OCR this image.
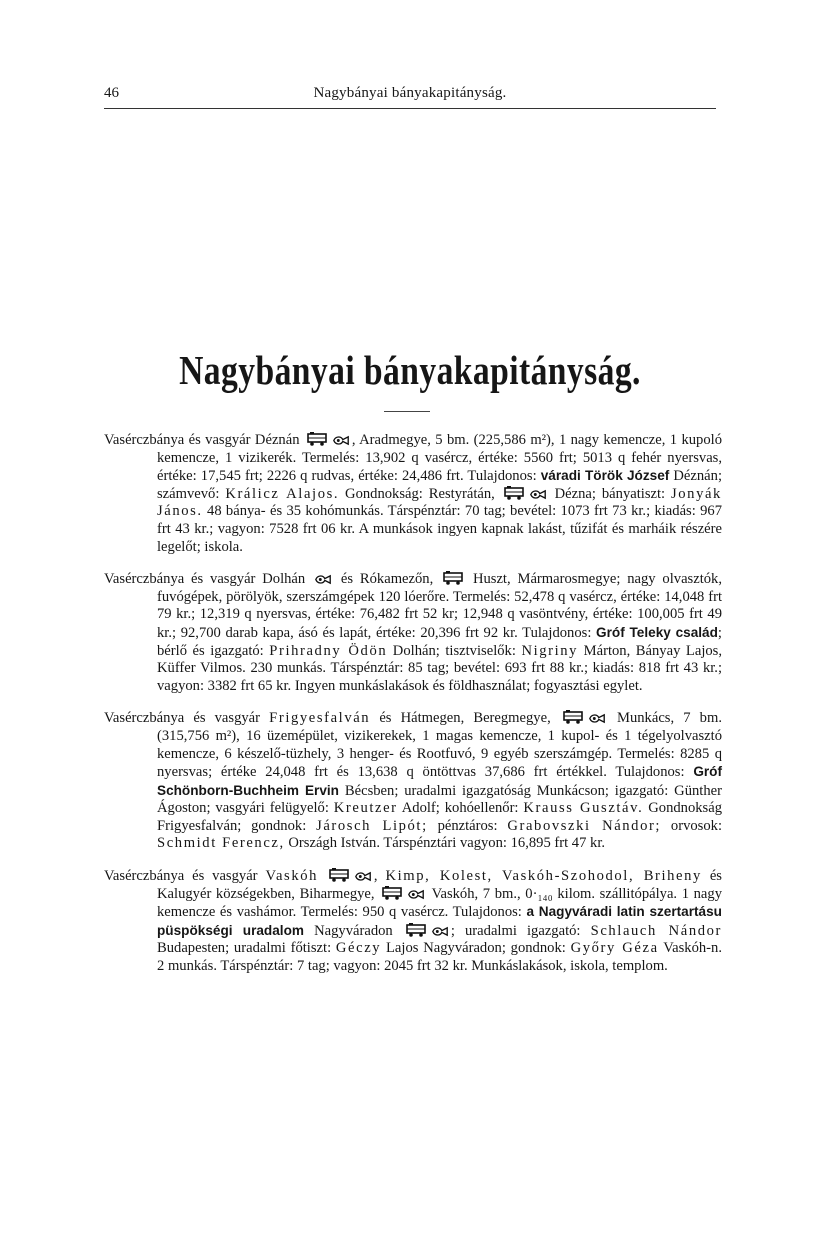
46	Nagybányai bányakapitányság.
Nagybányai bányakapitányság.

Vasérczbánya és vasgyár Déznán	, Aradmegye, 5 bm. (225,586 m²), 1 nagy kemencze, 1 kupoló kemencze, 1 vizikerék. Termelés: 13,902 q vasércz, értéke: 5560 frt; 5013 q fehér nyersvas, értéke: 17,545 frt; 2226 q rudvas, értéke: 24,486 frt. Tulajdonos: váradi Török József Déznán; számvevő: Králicz Alajos. Gondnokság: Restyrátán,	Dézna; bányatiszt: Jonyák János. 48 bánya- és 35 kohómunkás. Társpénztár: 70 tag; bevétel: 1073 frt 73 kr.; kiadás: 967 frt 43 kr.; vagyon: 7528 frt 06 kr. A munkások ingyen kapnak lakást, tűzifát és marháik részére legelőt; iskola.

Vasérczbánya és vasgyár Dolhán és Rókamezőn,	Huszt, Mármarosmegye; nagy olvasztók, fuvógépek, pörölyök, szerszámgépek 120 lóerőre. Termelés: 52,478 q vasércz, értéke: 14,048 frt 79 kr.; 12,319 q nyersvas, értéke: 76,482 frt 52 kr; 12,948 q vasöntvény, értéke: 100,005 frt 49 kr.; 92,700 darab kapa, ásó és lapát, értéke: 20,396 frt 92 kr. Tulajdonos: Gróf Teleky család; bérlő és igazgató: Prihradny Ödön Dolhán; tisztviselők: Nigriny Márton, Bányay Lajos, Küffer Vilmos. 230 munkás. Társpénztár: 85 tag; bevétel: 693 frt 88 kr.; kiadás: 818 frt 43 kr.; vagyon: 3382 frt 65 kr. Ingyen munkáslakások és földhasználat; fogyasztási egylet.

Vasérczbánya és vasgyár Frigyesfalván és Hátmegen, Beregmegye,	Munkács, 7 bm. (315,756 m²), 16 üzemépület, vizikerekek, 1 magas kemencze, 1 kupol- és 1 tégelyolvasztó kemencze, 6 készelő-tüzhely, 3 henger- és Rootfuvó, 9 egyéb szerszámgép. Termelés: 8285 q nyersvas; értéke 24,048 frt és 13,638 q öntöttvas 37,686 frt értékkel. Tulajdonos: Gróf Schönborn-Buchheim Ervin Bécsben; uradalmi igazgatóság Munkácson; igazgató: Günther Ágoston; vasgyári felügyelő: Kreutzer Adolf; kohóellenőr: Krauss Gusztáv. Gondnokság Frigyesfalván; gondnok: Járosch Lipót; pénztáros: Grabovszki Nándor; orvosok: Schmidt Ferencz, Országh István. Társpénztári vagyon: 16,895 frt 47 kr.

Vasérczbánya és vasgyár Vaskóh	, Kimp, Kolest, Vaskóh-Szohodol, Briheny és Kalugyér községekben, Biharmegye,	Vaskóh, 7 bm., 0·₁₄₀ kilom. szállitópálya. 1 nagy kemencze és vashámor. Termelés: 950 q vasércz. Tulajdonos: a Nagyváradi latin szertartásu püspökségi uradalom Nagyváradon	; uradalmi igazgató: Schlauch Nándor Budapesten; uradalmi főtiszt: Géczy Lajos Nagyváradon; gondnok: Győry Géza Vaskóh-n. 2 munkás. Társpénztár: 7 tag; vagyon: 2045 frt 32 kr. Munkáslakások, iskola, templom.
